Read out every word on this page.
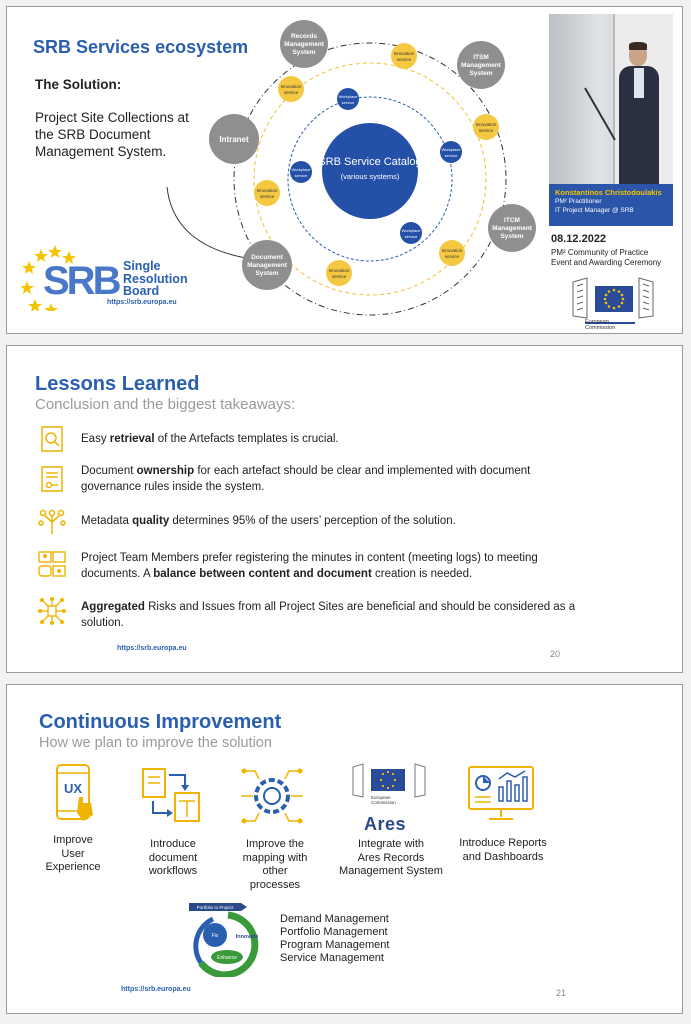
SRB Services ecosystem
The Solution:
Project Site Collections at the SRB Document Management System.
SRB Service Catalog
(various systems)
Records
Management
System
ITSM
Management
System
Intranet
ITCM
Management
System
Document
Management
System
Innovation
service
Innovation
service
Innovation
service
Innovation
service
Innovation
service
Innovation
service
Workplace
service
Workplace
service
Workplace
service
Workplace
service
SRB Single
Resolution
Board
https://srb.europa.eu
Konstantinos Christodoulakis
PM² Practitioner
IT Project Manager @ SRB
08.12.2022
PM² Community of Practice
Event and Awarding Ceremony
European
Commission
Lessons Learned
Conclusion and the biggest takeaways:
Easy retrieval of the Artefacts templates is crucial.
Document ownership for each artefact should be clear and implemented with document governance rules inside the system.
Metadata quality determines 95% of the users’ perception of the solution.
Project Team Members prefer registering the minutes in content (meeting logs) to meeting documents. A balance between content and document creation is needed.
Aggregated Risks and Issues from all Project Sites are beneficial and should be considered as a solution.
https://srb.europa.eu
20
Continuous Improvement
How we plan to improve the solution
UX
European
Commission
Ares
Improve
User
Experience
Introduce
document
workflows
Improve the
mapping with
other
processes
Integrate with
Ares Records
Management System
Introduce Reports
and Dashboards
Portfolio to Project
Fix	Innovate
Enhance
Demand Management
Portfolio Management
Program Management
Service Management
https://srb.europa.eu	21
